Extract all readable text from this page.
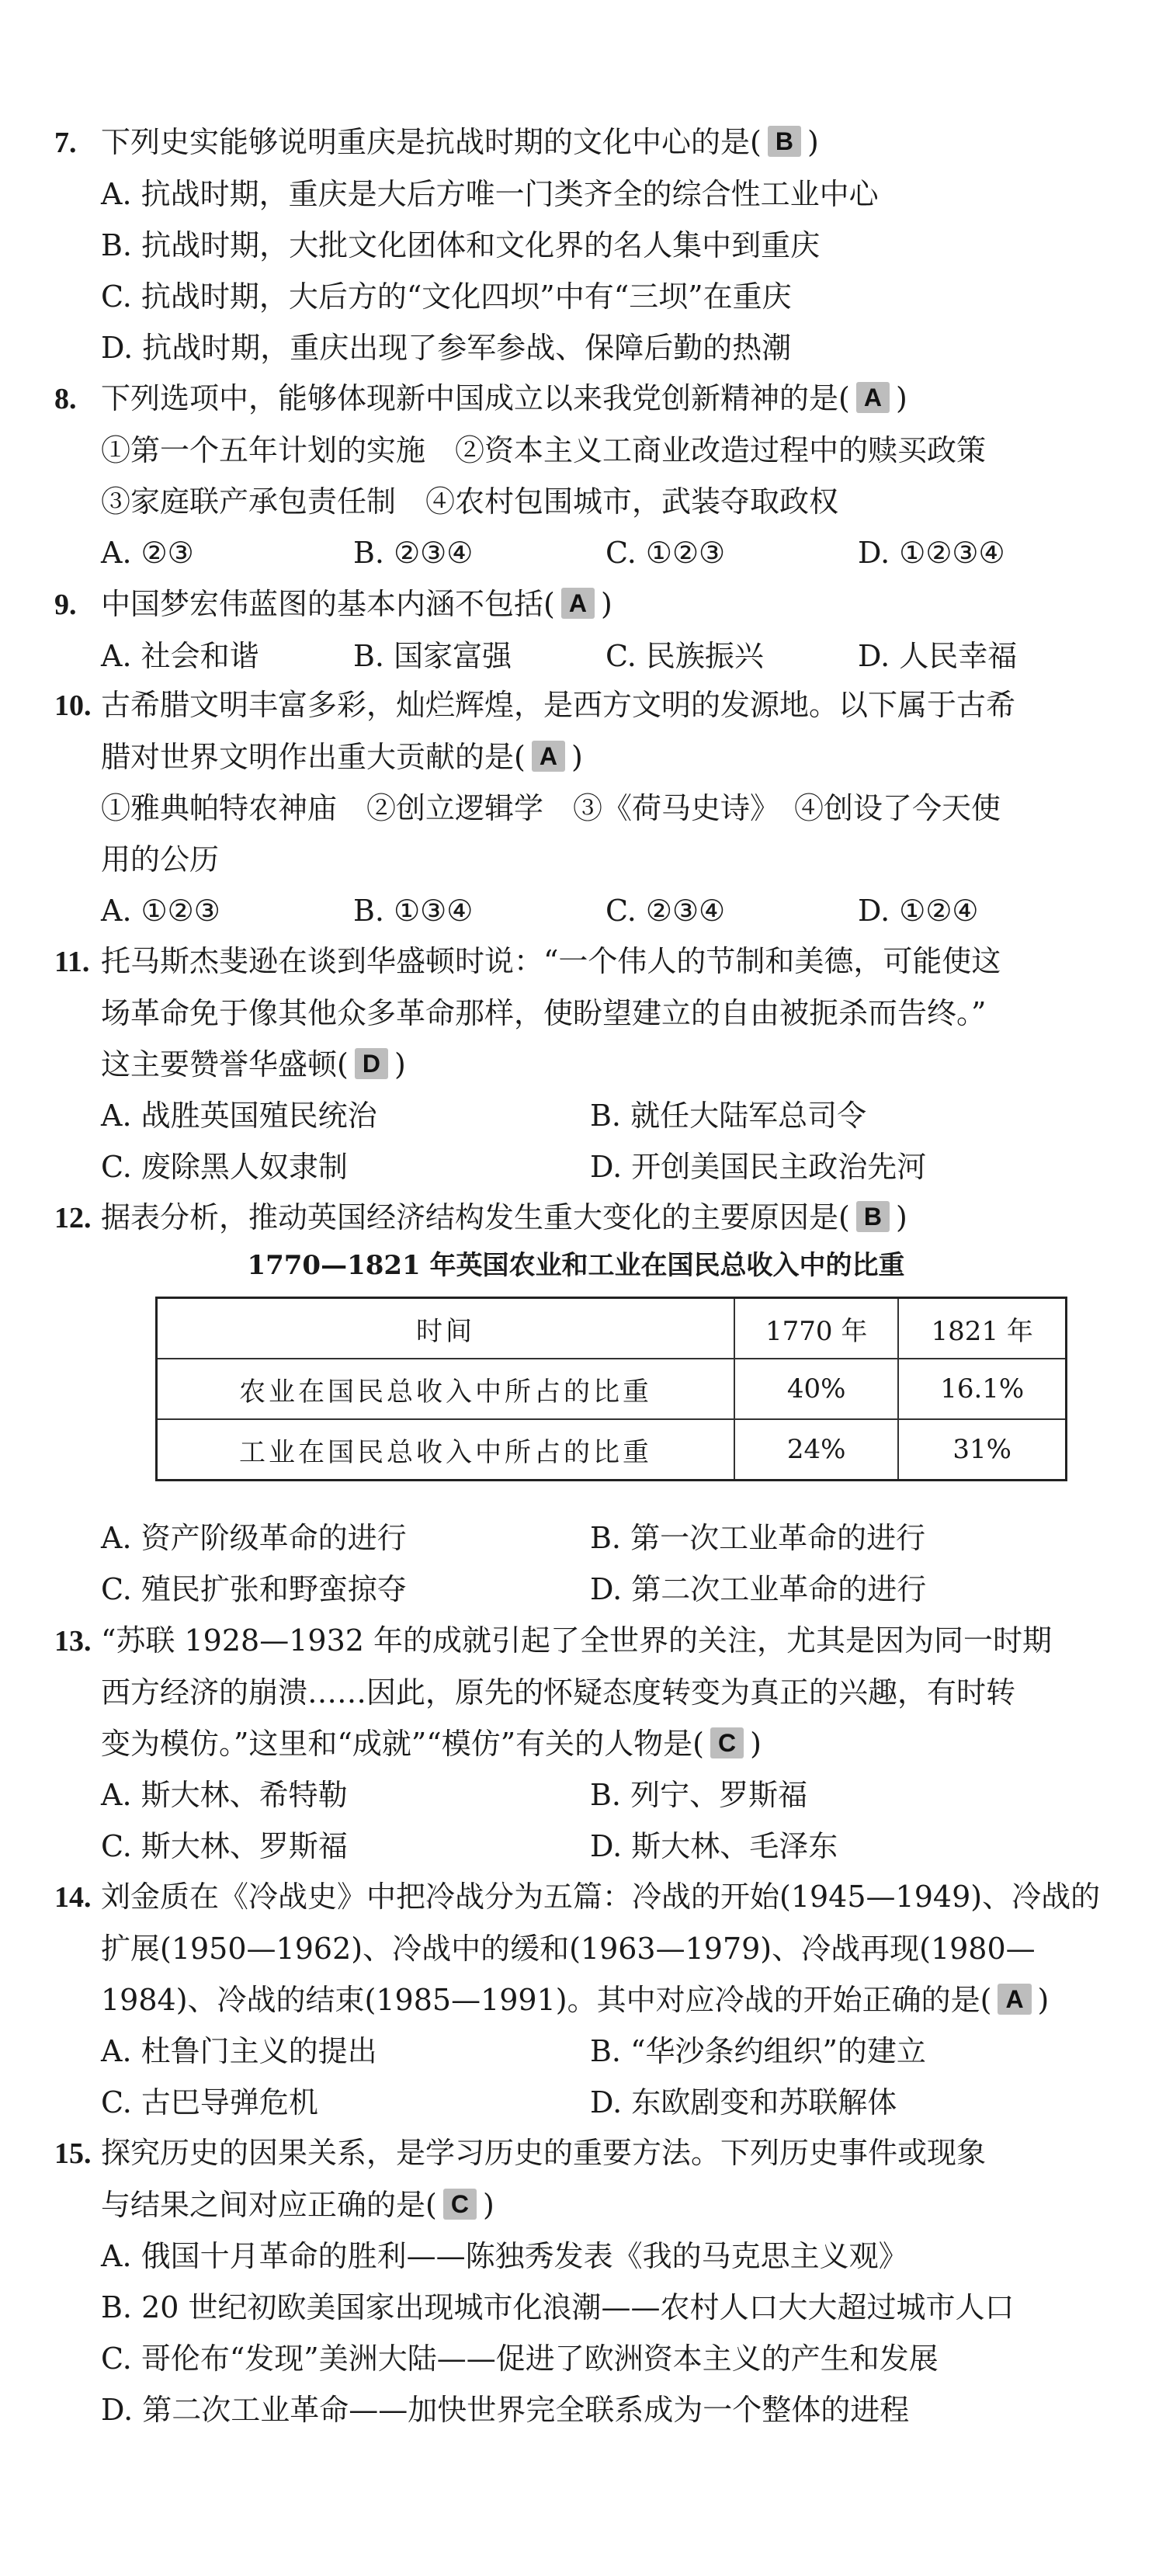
7. 下列史实能够说明重庆是抗战时期的文化中心的是( B )
A. 抗战时期，重庆是大后方唯一门类齐全的综合性工业中心
B. 抗战时期，大批文化团体和文化界的名人集中到重庆
C. 抗战时期，大后方的“文化四坝”中有“三坝”在重庆
D. 抗战时期，重庆出现了参军参战、保障后勤的热潮
8. 下列选项中，能够体现新中国成立以来我党创新精神的是( A )
①第一个五年计划的实施　②资本主义工商业改造过程中的赎买政策
③家庭联产承包责任制　④农村包围城市，武装夺取政权
A. ②③	B. ②③④	C. ①②③	D. ①②③④
9. 中国梦宏伟蓝图的基本内涵不包括( A )
A. 社会和谐	B. 国家富强	C. 民族振兴	D. 人民幸福
10. 古希腊文明丰富多彩，灿烂辉煌，是西方文明的发源地。以下属于古希
腊对世界文明作出重大贡献的是( A )
①雅典帕特农神庙　②创立逻辑学　③《荷马史诗》　④创设了今天使
用的公历
A. ①②③	B. ①③④	C. ②③④	D. ①②④
11. 托马斯杰斐逊在谈到华盛顿时说：“一个伟人的节制和美德，可能使这
场革命免于像其他众多革命那样，使盼望建立的自由被扼杀而告终。”
这主要赞誉华盛顿( D )
A. 战胜英国殖民统治	B. 就任大陆军总司令
C. 废除黑人奴隶制	D. 开创美国民主政治先河
12. 据表分析，推动英国经济结构发生重大变化的主要原因是( B )
1770—1821 年英国农业和工业在国民总收入中的比重
时间	1770 年	1821 年
农业在国民总收入中所占的比重	40%	16.1%
工业在国民总收入中所占的比重	24%	31%
A. 资产阶级革命的进行	B. 第一次工业革命的进行
C. 殖民扩张和野蛮掠夺	D. 第二次工业革命的进行
13. “苏联 1928—1932 年的成就引起了全世界的关注，尤其是因为同一时期
西方经济的崩溃……因此，原先的怀疑态度转变为真正的兴趣，有时转
变为模仿。”这里和“成就”“模仿”有关的人物是( C )
A. 斯大林、希特勒	B. 列宁、罗斯福
C. 斯大林、罗斯福	D. 斯大林、毛泽东
14. 刘金质在《冷战史》中把冷战分为五篇：冷战的开始(1945—1949)、冷战的
扩展(1950—1962)、冷战中的缓和(1963—1979)、冷战再现(1980—
1984)、冷战的结束(1985—1991)。其中对应冷战的开始正确的是( A )
A. 杜鲁门主义的提出	B. “华沙条约组织”的建立
C. 古巴导弹危机	D. 东欧剧变和苏联解体
15. 探究历史的因果关系，是学习历史的重要方法。下列历史事件或现象
与结果之间对应正确的是( C )
A. 俄国十月革命的胜利——陈独秀发表《我的马克思主义观》
B. 20 世纪初欧美国家出现城市化浪潮——农村人口大大超过城市人口
C. 哥伦布“发现”美洲大陆——促进了欧洲资本主义的产生和发展
D. 第二次工业革命——加快世界完全联系成为一个整体的进程
